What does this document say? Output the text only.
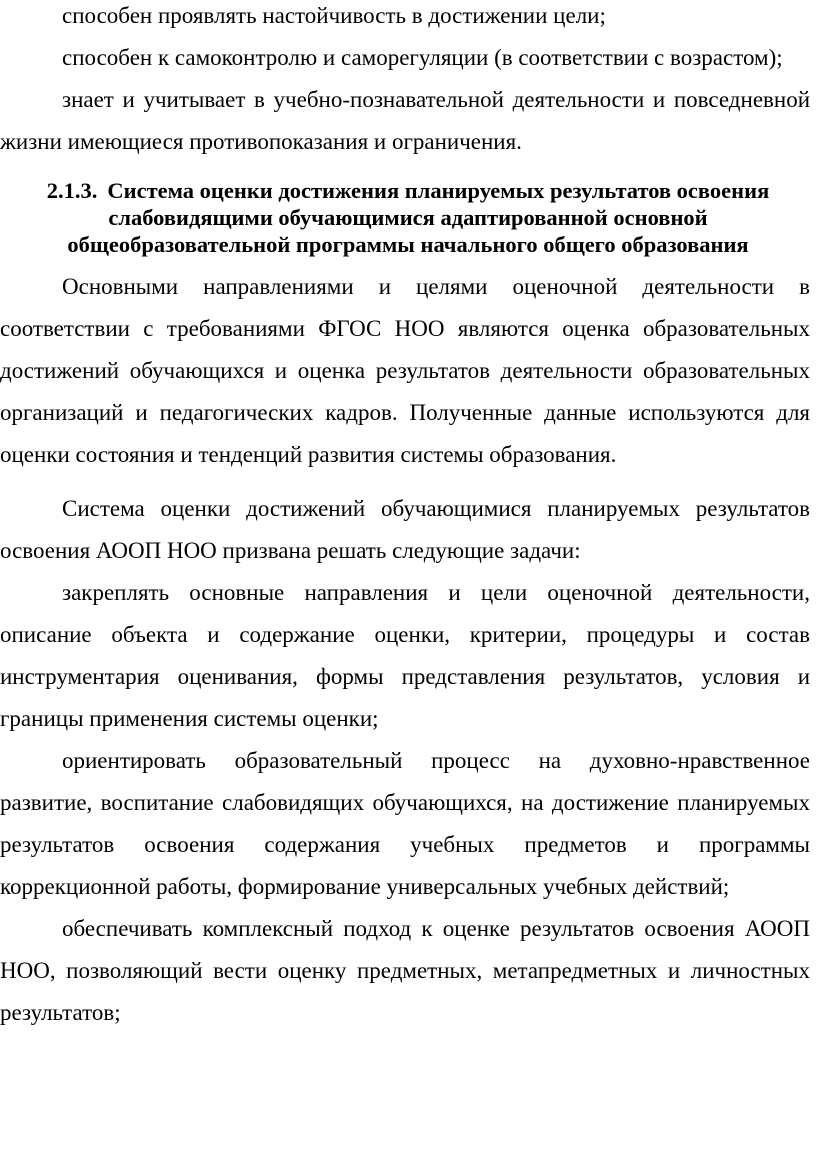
способен проявлять настойчивость в достижении цели;

способен к самоконтролю и саморегуляции (в соответствии с возрастом);

знает и учитывает в учебно-познавательной деятельности и повседневной жизни имеющиеся противопоказания и ограничения.

2.1.3. Система оценки достижения планируемых результатов освоения слабовидящими обучающимися адаптированной основной общеобразовательной программы начального общего образования

Основными направлениями и целями оценочной деятельности в соответствии с требованиями ФГОС НОО являются оценка образовательных достижений обучающихся и оценка результатов деятельности образовательных организаций и педагогических кадров. Полученные данные используются для оценки состояния и тенденций развития системы образования.

Система оценки достижений обучающимися планируемых результатов освоения АООП НОО призвана решать следующие задачи:

закреплять основные направления и цели оценочной деятельности, описание объекта и содержание оценки, критерии, процедуры и состав инструментария оценивания, формы представления результатов, условия и границы применения системы оценки;

ориентировать образовательный процесс на духовно-нравственное развитие, воспитание слабовидящих обучающихся, на достижение планируемых результатов освоения содержания учебных предметов и программы коррекционной работы, формирование универсальных учебных действий;

обеспечивать комплексный подход к оценке результатов освоения АООП НОО, позволяющий вести оценку предметных, метапредметных и личностных результатов;
